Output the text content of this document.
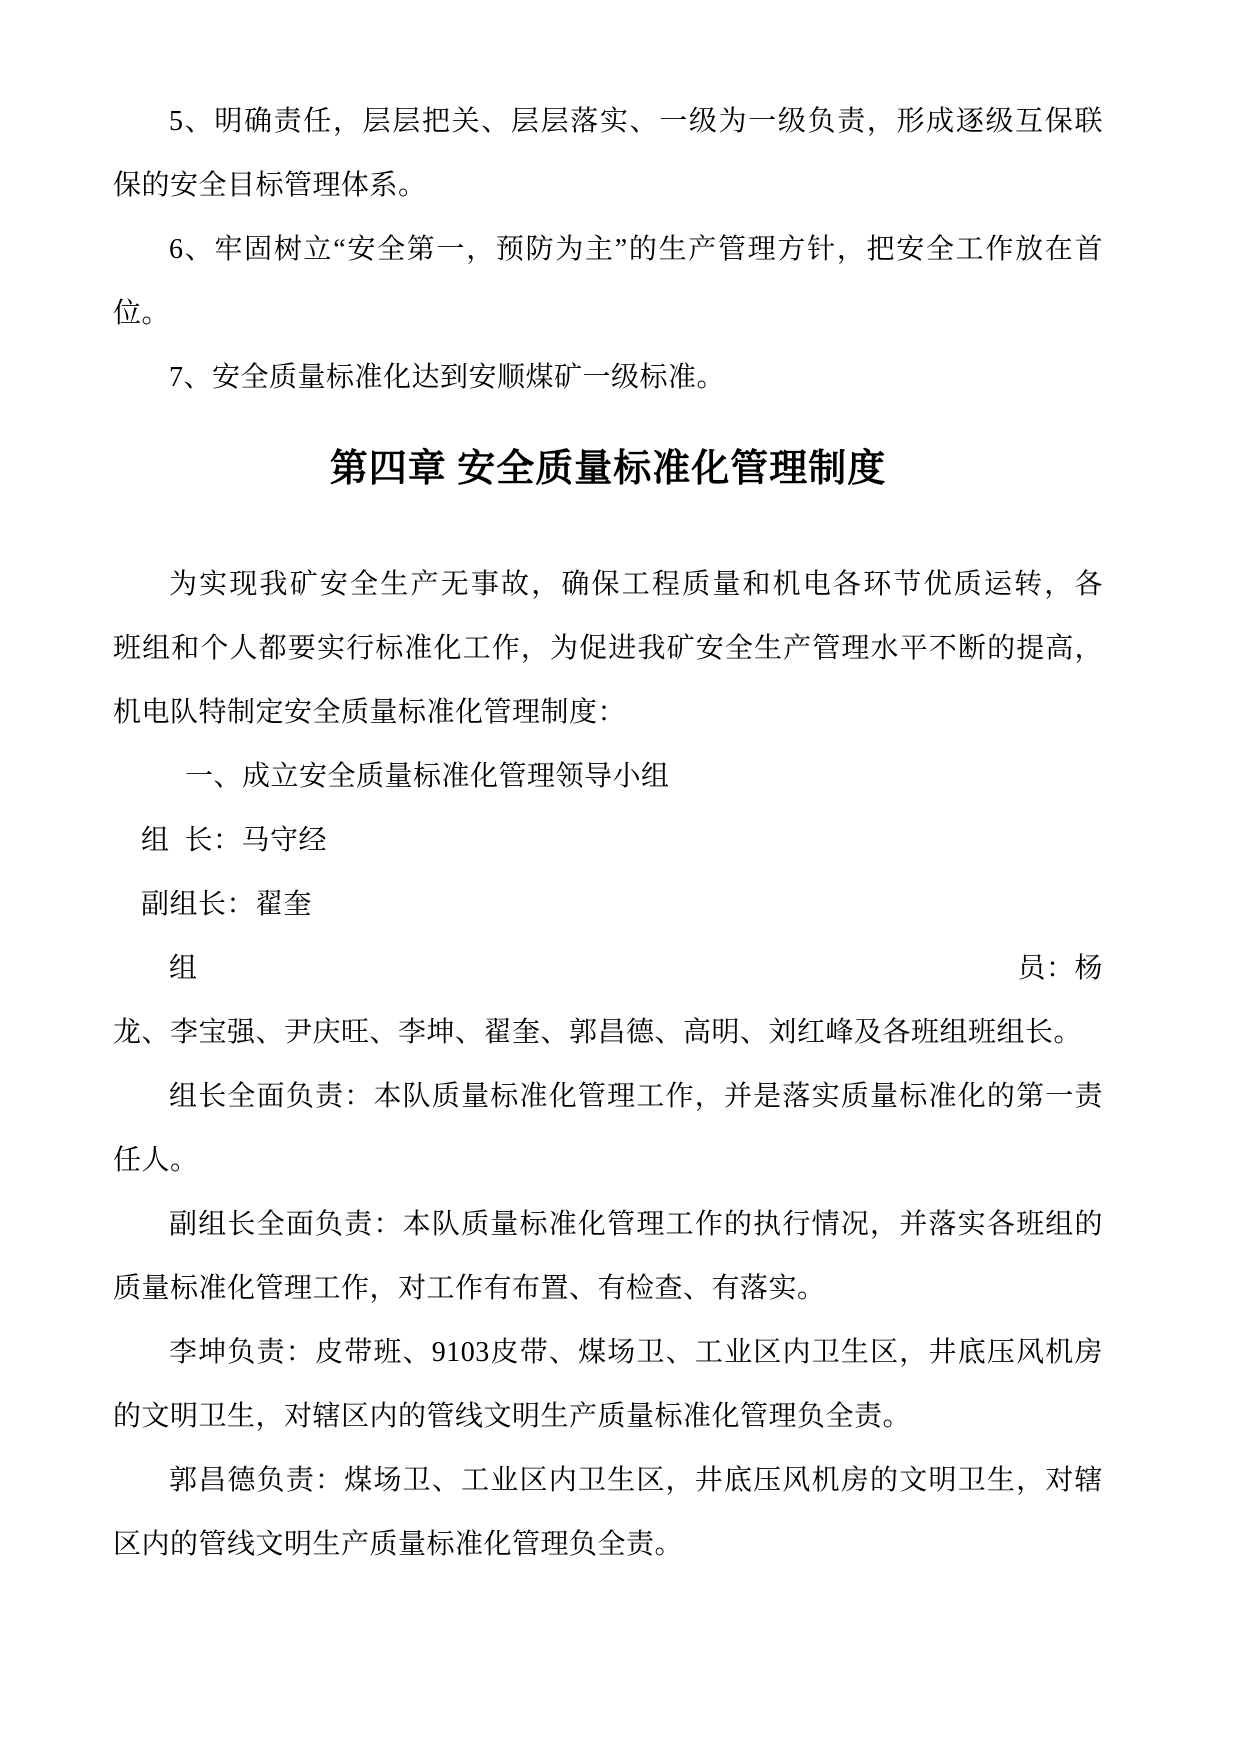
5、明确责任，层层把关、层层落实、一级为一级负责，形成逐级互保联
保的安全目标管理体系。
6、牢固树立“安全第一，预防为主”的生产管理方针，把安全工作放在首
位。
7、安全质量标准化达到安顺煤矿一级标准。
第四章 安全质量标准化管理制度
为实现我矿安全生产无事故，确保工程质量和机电各环节优质运转，各
班组和个人都要实行标准化工作，为促进我矿安全生产管理水平不断的提高，
机电队特制定安全质量标准化管理制度：
一、成立安全质量标准化管理领导小组
组  长：马守经
副组长：翟奎
组	员：杨
龙、李宝强、尹庆旺、李坤、翟奎、郭昌德、高明、刘红峰及各班组班组长。
组长全面负责：本队质量标准化管理工作，并是落实质量标准化的第一责
任人。
副组长全面负责：本队质量标准化管理工作的执行情况，并落实各班组的
质量标准化管理工作，对工作有布置、有检查、有落实。
李坤负责：皮带班、9103皮带、煤场卫、工业区内卫生区，井底压风机房
的文明卫生，对辖区内的管线文明生产质量标准化管理负全责。
郭昌德负责：煤场卫、工业区内卫生区，井底压风机房的文明卫生，对辖
区内的管线文明生产质量标准化管理负全责。
